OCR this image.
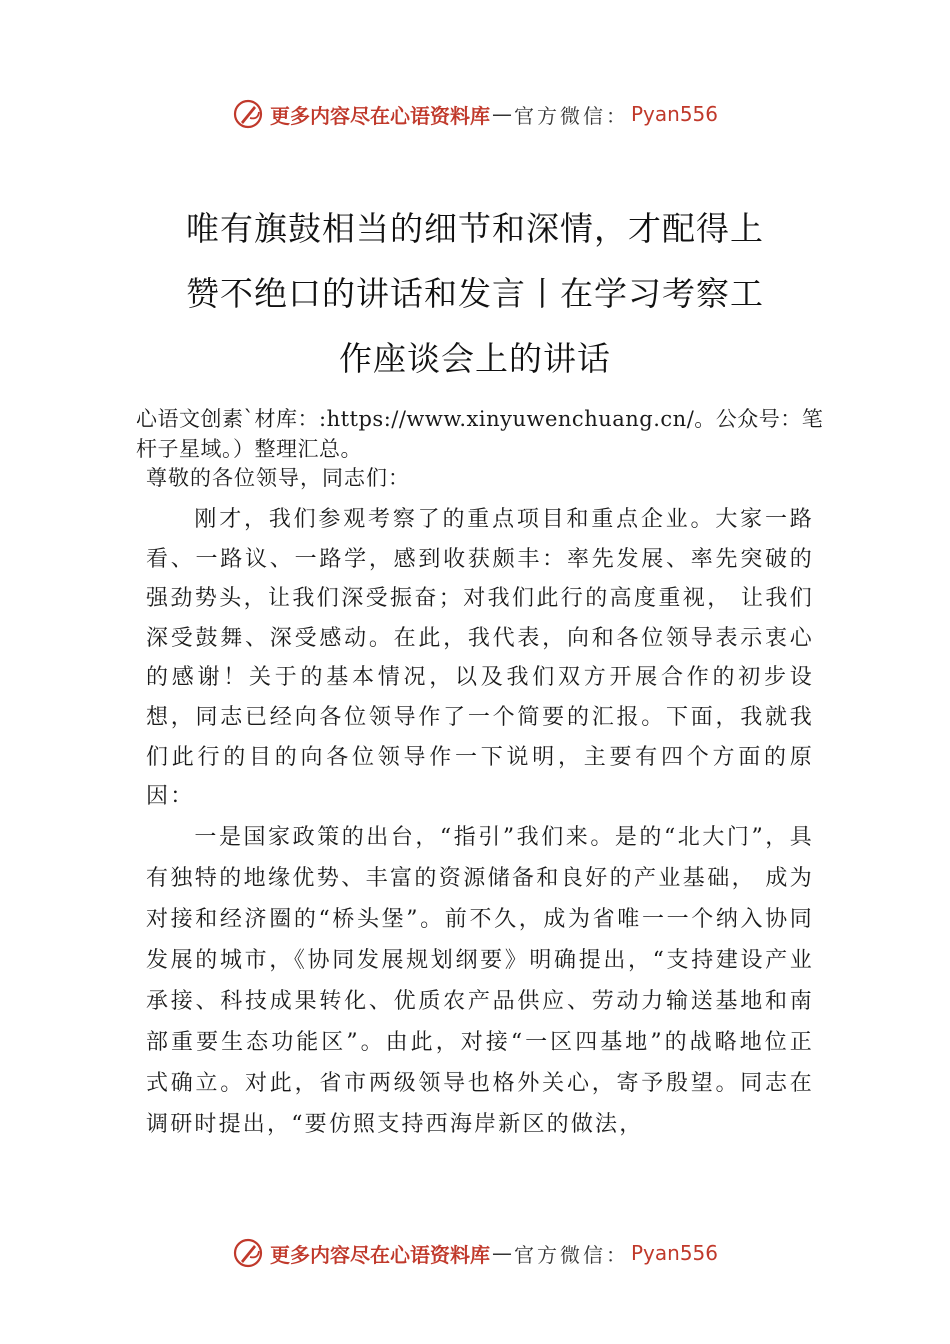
更多内容尽在心语资料库 — 官方微信： Pyan556
唯有旗鼓相当的细节和深情，才配得上
赞不绝口的讲话和发言丨在学习考察工
作座谈会上的讲话

心语文创素`材库：:https://www.xinyuwenchuang.cn/。公众号：笔杆子星域。）整理汇总。

尊敬的各位领导，同志们：

刚才，我们参观考察了的重点项目和重点企业。大家一路看、一路议、一路学，感到收获颇丰：率先发展、率先突破的强劲势头，让我们深受振奋；对我们此行的高度重视， 让我们深受鼓舞、深受感动。在此，我代表，向和各位领导表示衷心的感谢！关于的基本情况，以及我们双方开展合作的初步设想，同志已经向各位领导作了一个简要的汇报。下面，我就我们此行的目的向各位领导作一下说明，主要有四个方面的原因：

一是国家政策的出台，“指引”我们来。是的“北大门”，具有独特的地缘优势、丰富的资源储备和良好的产业基础， 成为对接和经济圈的“桥头堡”。前不久，成为省唯一一个纳入协同发展的城市，《协同发展规划纲要》明确提出，“支持建设产业承接、科技成果转化、优质农产品供应、劳动力输送基地和南部重要生态功能区”。由此，对接“一区四基地”的战略地位正式确立。对此，省市两级领导也格外关心，寄予殷望。同志在调研时提出，“要仿照支持西海岸新区的做法，

更多内容尽在心语资料库 — 官方微信： Pyan556
